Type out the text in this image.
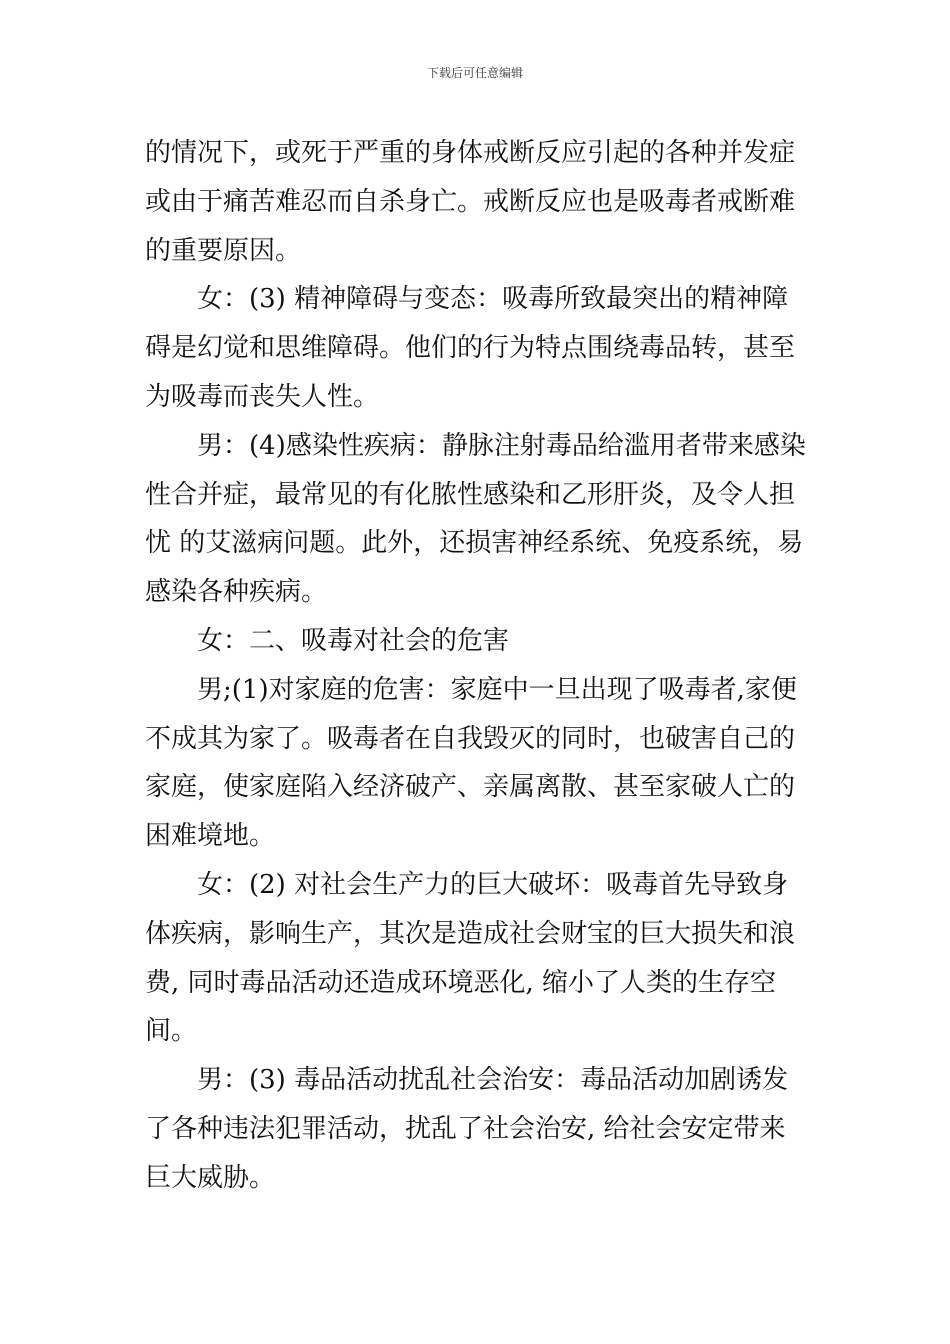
下载后可任意编辑

的情况下，或死于严重的身体戒断反应引起的各种并发症
或由于痛苦难忍而自杀身亡。戒断反应也是吸毒者戒断难
的重要原因。

女：(3) 精神障碍与变态：吸毒所致最突出的精神障
碍是幻觉和思维障碍。他们的行为特点围绕毒品转，甚至
为吸毒而丧失人性。

男：(4)感染性疾病：静脉注射毒品给滥用者带来感染
性合并症，最常见的有化脓性感染和乙形肝炎，及令人担
忧 的艾滋病问题。此外，还损害神经系统、免疫系统，易
感染各种疾病。

女：二、吸毒对社会的危害

男;(1)对家庭的危害：家庭中一旦出现了吸毒者,家便
不成其为家了。吸毒者在自我毁灭的同时，也破害自己的
家庭，使家庭陷入经济破产、亲属离散、甚至家破人亡的
困难境地。

女：(2) 对社会生产力的巨大破坏：吸毒首先导致身
体疾病，影响生产，其次是造成社会财宝的巨大损失和浪
费, 同时毒品活动还造成环境恶化, 缩小了人类的生存空
间。

男：(3) 毒品活动扰乱社会治安：毒品活动加剧诱发
了各种违法犯罪活动，扰乱了社会治安, 给社会安定带来
巨大威胁。
